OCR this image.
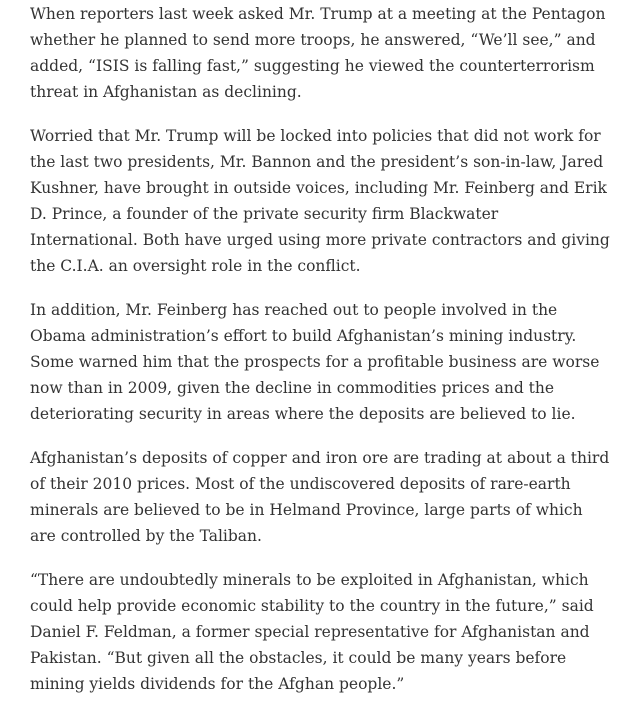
When reporters last week asked Mr. Trump at a meeting at the Pentagon whether he planned to send more troops, he answered, “We’ll see,” and added, “ISIS is falling fast,” suggesting he viewed the counterterrorism threat in Afghanistan as declining.

Worried that Mr. Trump will be locked into policies that did not work for the last two presidents, Mr. Bannon and the president’s son-in-law, Jared Kushner, have brought in outside voices, including Mr. Feinberg and Erik D. Prince, a founder of the private security firm Blackwater International. Both have urged using more private contractors and giving the C.I.A. an oversight role in the conflict.

In addition, Mr. Feinberg has reached out to people involved in the Obama administration’s effort to build Afghanistan’s mining industry. Some warned him that the prospects for a profitable business are worse now than in 2009, given the decline in commodities prices and the deteriorating security in areas where the deposits are believed to lie.

Afghanistan’s deposits of copper and iron ore are trading at about a third of their 2010 prices. Most of the undiscovered deposits of rare-earth minerals are believed to be in Helmand Province, large parts of which are controlled by the Taliban.

“There are undoubtedly minerals to be exploited in Afghanistan, which could help provide economic stability to the country in the future,” said Daniel F. Feldman, a former special representative for Afghanistan and Pakistan. “But given all the obstacles, it could be many years before mining yields dividends for the Afghan people.”
